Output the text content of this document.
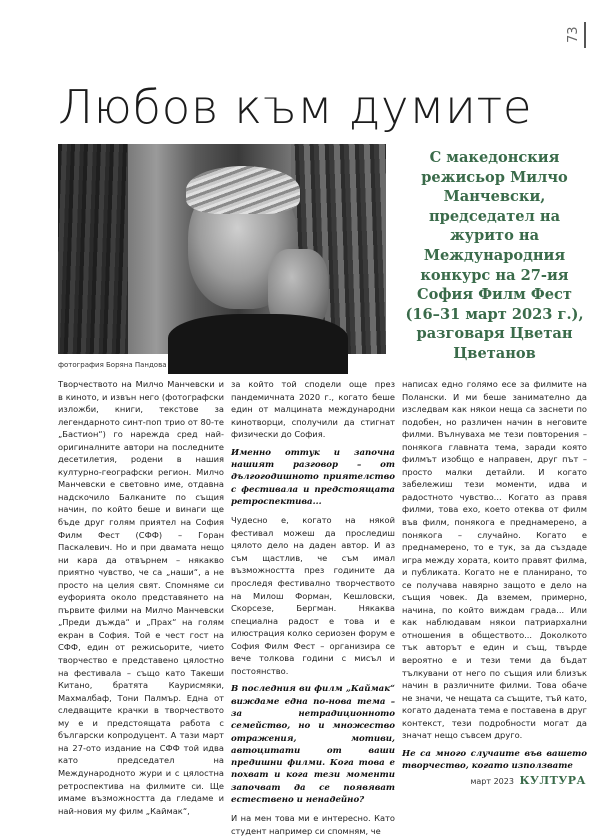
73
Любов към думите
фотография Боряна Пандова
С македонския режисьор Милчо Манчевски, председател на журито на Международния конкурс на 27-ия София Филм Фест (16–31 март 2023 г.), разговаря Цветан Цветанов

Творчеството на Милчо Манчевски и в киното, и извън него (фотографски изложби, книги, текстове за легендарното синт-поп трио от 80-те „Бастион“) го нарежда сред най-оригиналните автори на последните десетилетия, родени в нашия културно-географски регион. Милчо Манчевски е световно име, отдавна надскочило Балканите по същия начин, по който беше и винаги ще бъде друг голям приятел на София Филм Фест (СФФ) – Горан Паскалевич. Но и при двамата нещо ни кара да отвърнем – някакво приятно чувство, че са „наши“, а не просто на целия свят. Спомняме си еуфорията около представянето на първите филми на Милчо Манчевски „Преди дъжда“ и „Прах“ на голям екран в София. Той е чест гост на СФФ, един от режисьорите, чието творчество е представено цялостно на фестивала – също като Такеши Китано, братята Каурисмяки, Махмалбаф, Тони Палмър. Една от следващите крачки в творчеството му е и предстоящата работа с български копродуцент. А тази март на 27-ото издание на СФФ той идва като председател на Международното жури и с цялостна ретроспектива на филмите си. Ще имаме възможността да гледаме и най-новия му филм „Каймак“,

за който той сподели още през пандемичната 2020 г., когато беше един от малцината международни кинотворци, сполучили да стигнат физически до София.

Именно оттук и започна нашият разговор – от дългогодишното приятелство с фестивала и предстоящата ретроспектива...

Чудесно е, когато на някой фестивал можеш да проследиш цялото дело на даден автор. И аз съм щастлив, че съм имал възможността през годините да проследя фестивално творчеството на Милош Форман, Кешловски, Скорсезе, Бергман. Някаква специална радост е това и е илюстрация колко сериозен форум е София Филм Фест – организира се вече толкова години с мисъл и постоянство.

В последния ви филм „Каймак“ виждаме една по-нова тема – за нетрадиционното семейство, но и множество отражения, мотиви, автоцитати от ваши предишни филми. Кога това е похват и кога тези моменти започват да се появяват естествено и ненадейно?

И на мен това ми е интересно. Като студент например си спомням, че

написах едно голямо есе за филмите на Полански. И ми беше занимателно да изследвам как някои неща са заснети по подобен, но различен начин в неговите филми. Вълнуваха ме тези повторения – понякога главната тема, заради която филмът изобщо е направен, друг път – просто малки детайли. И когато забележиш тези моменти, идва и радостното чувство... Когато аз правя филми, това ехо, което отеква от филм във филм, понякога е преднамерено, а понякога – случайно. Когато е преднамерено, то е тук, за да създаде игра между хората, които правят филма, и публиката. Когато не е планирано, то се получава навярно защото е дело на същия човек. Да вземем, примерно, начина, по който виждам града... Или как наблюдавам някои патриархални отношения в обществото... Доколкото тък авторът е един и същ, твърде вероятно е и тези теми да бъдат тълкувани от него по същия или близък начин в различните филми. Това обаче не значи, че нещата са същите, тъй като, когато дадената тема е поставена в друг контекст, тези подробности могат да значат нещо съвсем друго.

Не са много случаите във вашето творчество, когато използвате

март 2023 КУЛТУРА
